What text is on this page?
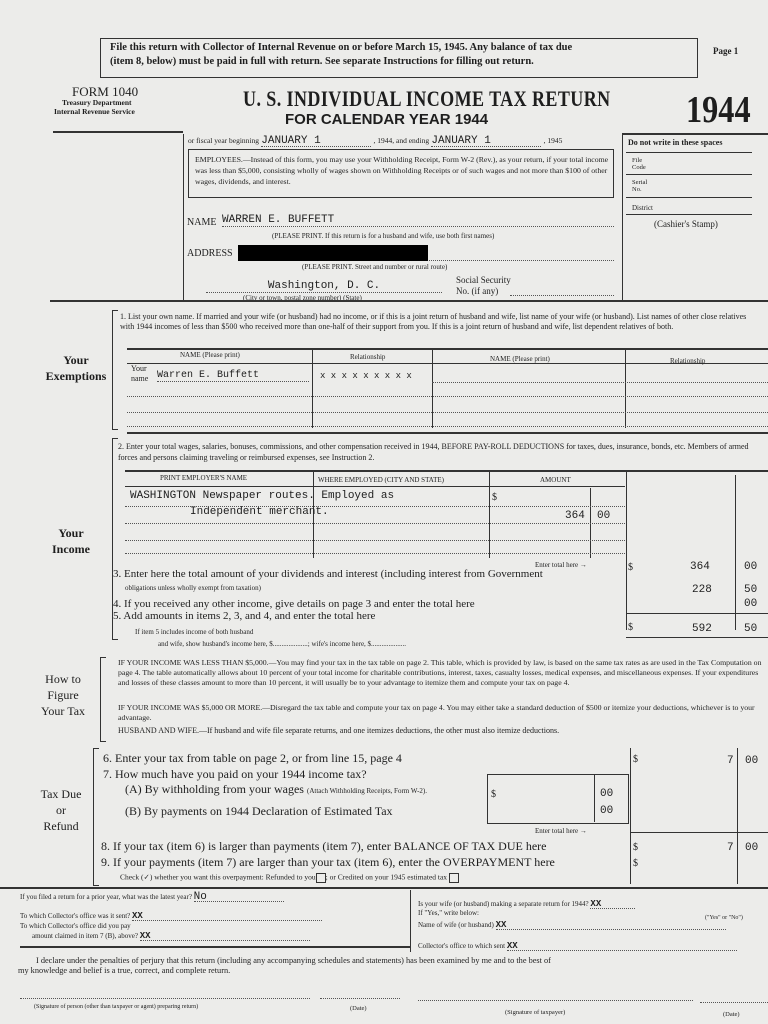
File this return with Collector of Internal Revenue on or before March 15, 1945. Any balance of tax due
(item 8, below) must be paid in full with return. See separate Instructions for filling out return.
Page 1
FORM 1040
Treasury Department
Internal Revenue Service
U. S. INDIVIDUAL INCOME TAX RETURN
FOR CALENDAR YEAR 1944	1944
or fiscal year beginning JANUARY 1	, 1944, and ending JANUARY 1	, 1945
EMPLOYEES.—Instead of this form, you may use your Withholding Receipt, Form W-2 (Rev.), as your return, if your total income was less than $5,000, consisting wholly of wages shown on Withholding Receipts or of such wages and not more than $100 of other wages, dividends, and interest.
Do not write in these spaces
File Code
Serial No.
District
(Cashier's Stamp)
NAME WARREN E. BUFFETT
(PLEASE PRINT. If this return is for a husband and wife, use both first names)
ADDRESS
(PLEASE PRINT. Street and number or rural route)
Washington, D. C.
(City or town, postal zone number) (State)
Social Security
No. (if any)
Your
Exemptions
1. List your own name. If married and your wife (or husband) had no income, or if this is a joint return of husband and wife, list name of your wife (or husband). List names of other close relatives with 1944 incomes of less than $500 who received more than one-half of their support from you. If this is a joint return of husband and wife, list dependent relatives of both.
NAME (Please print)	Relationship	NAME (Please print)	Relationship
Your name Warren E. Buffett	x x x x x x x x x
Your
Income
2. Enter your total wages, salaries, bonuses, commissions, and other compensation received in 1944, BEFORE PAY-ROLL DEDUCTIONS for taxes, dues, insurance, bonds, etc. Members of armed forces and persons claiming traveling or reimbursed expenses, see Instruction 2.
PRINT EMPLOYER'S NAME	WHERE EMPLOYED (CITY AND STATE)	AMOUNT
WASHINGTON Newspaper routes. Employed as
Independent merchant.
$
364 00
Enter total here →	$	364	00
3. Enter here the total amount of your dividends and interest (including interest from Government
obligations unless wholly exempt from taxation)	228	50
4. If you received any other income, give details on page 3 and enter the total here	00
5. Add amounts in items 2, 3, and 4, and enter the total here
$	592	50
If item 5 includes income of both husband
and wife, show husband's income here, $....................; wife's income here, $....................
How to
Figure
Your Tax
IF YOUR INCOME WAS LESS THAN $5,000.—You may find your tax in the tax table on page 2. This table, which is provided by law, is based on the same tax rates as are used in the Tax Computation on page 4. The table automatically allows about 10 percent of your total income for charitable contributions, interest, taxes, casualty losses, medical expenses, and miscellaneous expenses. If your expenditures and losses of these classes amount to more than 10 percent, it will usually be to your advantage to itemize them and compute your tax on page 4.
IF YOUR INCOME WAS $5,000 OR MORE.—Disregard the tax table and compute your tax on page 4. You may either take a standard deduction of $500 or itemize your deductions, whichever is to your advantage.
HUSBAND AND WIFE.—If husband and wife file separate returns, and one itemizes deductions, the other must also itemize deductions.
Tax Due
or
Refund
6. Enter your tax from table on page 2, or from line 15, page 4	$	7 00
7. How much have you paid on your 1944 income tax?
(A) By withholding from your wages (Attach Withholding Receipts, Form W-2).	$	00
(B) By payments on 1944 Declaration of Estimated Tax	00
Enter total here →
8. If your tax (item 6) is larger than payments (item 7), enter BALANCE OF TAX DUE here	$	7 00
9. If your payments (item 7) are larger than your tax (item 6), enter the OVERPAYMENT here	$
Check (✓) whether you want this overpayment: Refunded to you ; or Credited on your 1945 estimated tax
If you filed a return for a prior year, what was the latest year? No
To which Collector's office was it sent? XX
To which Collector's office did you pay
amount claimed in item 7 (B), above? XX
Is your wife (or husband) making a separate return for 1944? XX
If "Yes," write below:
("Yes" or "No")
Name of wife (or husband) XX
Collector's office to which sent XX
I declare under the penalties of perjury that this return (including any accompanying schedules and statements) has been examined by me and to the best of
my knowledge and belief is a true, correct, and complete return.
(Signature of person (other than taxpayer or agent) preparing return)	(Date)
(Signature of taxpayer)	(Date)
